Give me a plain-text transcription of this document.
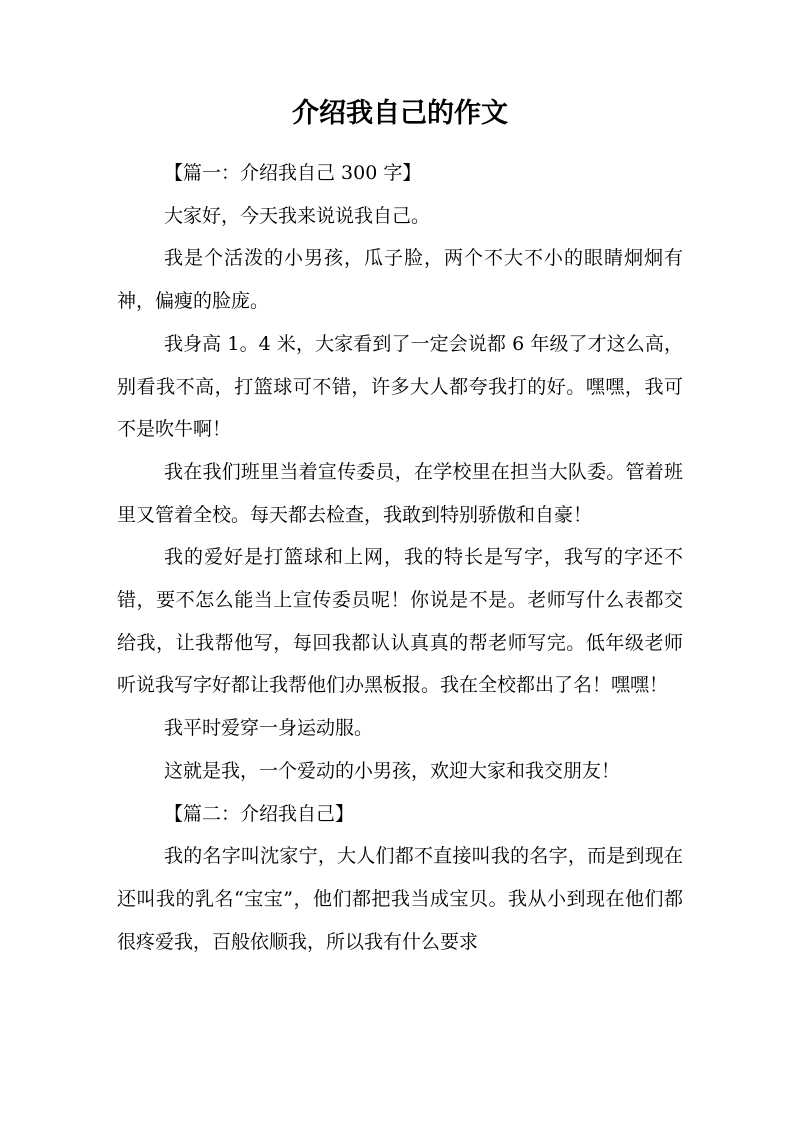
介绍我自己的作文

【篇一：介绍我自己 300 字】

大家好，今天我来说说我自己。

我是个活泼的小男孩，瓜子脸，两个不大不小的眼睛炯炯有神，偏瘦的脸庞。

我身高 1。4 米，大家看到了一定会说都 6 年级了才这么高，别看我不高，打篮球可不错，许多大人都夸我打的好。嘿嘿，我可不是吹牛啊！

我在我们班里当着宣传委员，在学校里在担当大队委。管着班里又管着全校。每天都去检查，我敢到特别骄傲和自豪！

我的爱好是打篮球和上网，我的特长是写字，我写的字还不错，要不怎么能当上宣传委员呢！你说是不是。老师写什么表都交给我，让我帮他写，每回我都认认真真的帮老师写完。低年级老师听说我写字好都让我帮他们办黑板报。我在全校都出了名！嘿嘿！

我平时爱穿一身运动服。

这就是我，一个爱动的小男孩，欢迎大家和我交朋友！

【篇二：介绍我自己】

我的名字叫沈家宁，大人们都不直接叫我的名字，而是到现在还叫我的乳名“宝宝”，他们都把我当成宝贝。我从小到现在他们都很疼爱我，百般依顺我，所以我有什么要求
